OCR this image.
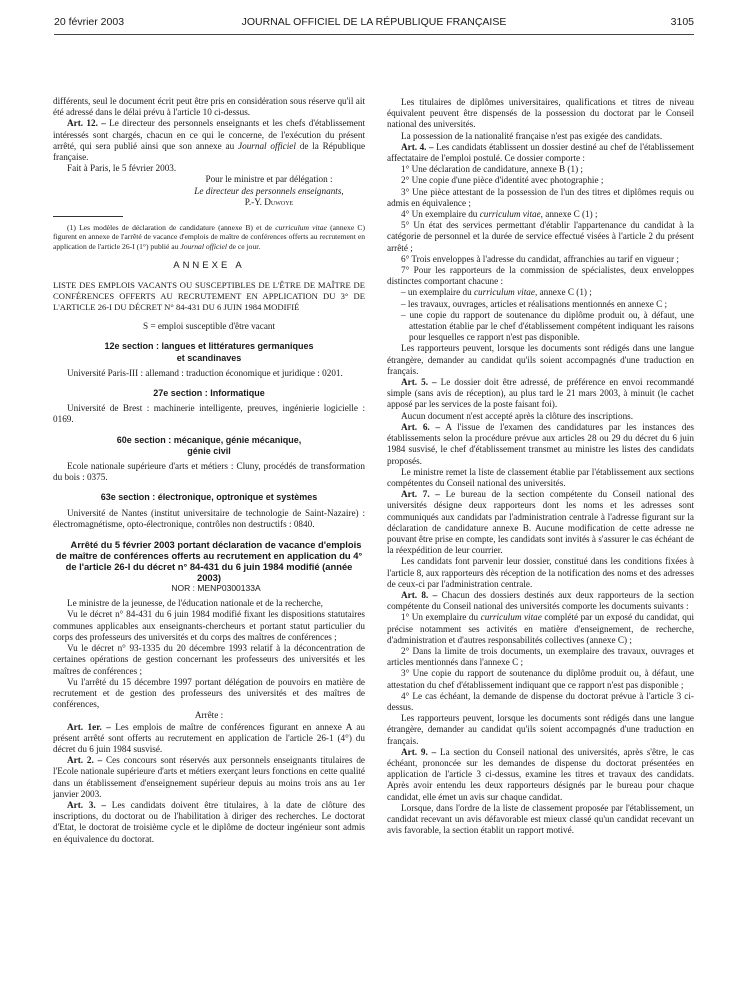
20 février 2003	JOURNAL OFFICIEL DE LA RÉPUBLIQUE FRANÇAISE	3105

différents, seul le document écrit peut être pris en considération sous réserve qu'il ait été adressé dans le délai prévu à l'article 10 ci-dessus.

Art. 12. – Le directeur des personnels enseignants et les chefs d'établissement intéressés sont chargés, chacun en ce qui le concerne, de l'exécution du présent arrêté, qui sera publié ainsi que son annexe au Journal officiel de la République française.

Fait à Paris, le 5 février 2003.

Pour le ministre et par délégation :
Le directeur des personnels enseignants,
P.-Y. Duwoye

(1) Les modèles de déclaration de candidature (annexe B) et de curriculum vitae (annexe C) figurent en annexe de l'arrêté de vacance d'emplois de maître de conférences offerts au recrutement en application de l'article 26-I (1°) publié au Journal officiel de ce jour.

ANNEXE A

LISTE DES EMPLOIS VACANTS OU SUSCEPTIBLES DE L'ÊTRE DE MAÎTRE DE CONFÉRENCES OFFERTS AU RECRUTEMENT EN APPLICATION DU 3° DE L'ARTICLE 26-I DU DÉCRET N° 84-431 DU 6 JUIN 1984 MODIFIÉ

S = emploi susceptible d'être vacant

12e section : langues et littératures germaniques

et scandinaves

Université Paris-III : allemand : traduction économique et juridique : 0201.

27e section : Informatique

Université de Brest : machinerie intelligente, preuves, ingénierie logicielle : 0169.

60e section : mécanique, génie mécanique,

génie civil

Ecole nationale supérieure d'arts et métiers : Cluny, procédés de transformation du bois : 0375.

63e section : électronique, optronique et systèmes

Université de Nantes (institut universitaire de technologie de Saint-Nazaire) : électromagnétisme, opto-électronique, contrôles non destructifs : 0840.

Arrêté du 5 février 2003 portant déclaration de vacance d'emplois de maître de conférences offerts au recrutement en application du 4° de l'article 26-I du décret n° 84-431 du 6 juin 1984 modifié (année 2003)

NOR : MENP0300133A

Le ministre de la jeunesse, de l'éducation nationale et de la recherche,

Vu le décret n° 84-431 du 6 juin 1984 modifié fixant les dispositions statutaires communes applicables aux enseignants-chercheurs et portant statut particulier du corps des professeurs des universités et du corps des maîtres de conférences ;

Vu le décret n° 93-1335 du 20 décembre 1993 relatif à la déconcentration de certaines opérations de gestion concernant les professeurs des universités et les maîtres de conférences ;

Vu l'arrêté du 15 décembre 1997 portant délégation de pouvoirs en matière de recrutement et de gestion des professeurs des universités et des maîtres de conférences,

Arrête :

Art. 1er. – Les emplois de maître de conférences figurant en annexe A au présent arrêté sont offerts au recrutement en application de l'article 26-1 (4°) du décret du 6 juin 1984 susvisé.

Art. 2. – Ces concours sont réservés aux personnels enseignants titulaires de l'Ecole nationale supérieure d'arts et métiers exerçant leurs fonctions en cette qualité dans un établissement d'enseignement supérieur depuis au moins trois ans au 1er janvier 2003.

Art. 3. – Les candidats doivent être titulaires, à la date de clôture des inscriptions, du doctorat ou de l'habilitation à diriger des recherches. Le doctorat d'Etat, le doctorat de troisième cycle et le diplôme de docteur ingénieur sont admis en équivalence du doctorat.

Les titulaires de diplômes universitaires, qualifications et titres de niveau équivalent peuvent être dispensés de la possession du doctorat par le Conseil national des universités.

La possession de la nationalité française n'est pas exigée des candidats.

Art. 4. – Les candidats établissent un dossier destiné au chef de l'établissement affectataire de l'emploi postulé. Ce dossier comporte :

1° Une déclaration de candidature, annexe B (1) ;

2° Une copie d'une pièce d'identité avec photographie ;

3° Une pièce attestant de la possession de l'un des titres et diplômes requis ou admis en équivalence ;

4° Un exemplaire du curriculum vitae, annexe C (1) ;

5° Un état des services permettant d'établir l'appartenance du candidat à la catégorie de personnel et la durée de service effectué visées à l'article 2 du présent arrêté ;

6° Trois enveloppes à l'adresse du candidat, affranchies au tarif en vigueur ;

7° Pour les rapporteurs de la commission de spécialistes, deux enveloppes distinctes comportant chacune :

– un exemplaire du curriculum vitae, annexe C (1) ;
– les travaux, ouvrages, articles et réalisations mentionnés en annexe C ;
– une copie du rapport de soutenance du diplôme produit ou, à défaut, une attestation établie par le chef d'établissement compétent indiquant les raisons pour lesquelles ce rapport n'est pas disponible.

Les rapporteurs peuvent, lorsque les documents sont rédigés dans une langue étrangère, demander au candidat qu'ils soient accompagnés d'une traduction en français.

Art. 5. – Le dossier doit être adressé, de préférence en envoi recommandé simple (sans avis de réception), au plus tard le 21 mars 2003, à minuit (le cachet apposé par les services de la poste faisant foi).

Aucun document n'est accepté après la clôture des inscriptions.

Art. 6. – A l'issue de l'examen des candidatures par les instances des établissements selon la procédure prévue aux articles 28 ou 29 du décret du 6 juin 1984 susvisé, le chef d'établissement transmet au ministre les listes des candidats proposés.

Le ministre remet la liste de classement établie par l'établissement aux sections compétentes du Conseil national des universités.

Art. 7. – Le bureau de la section compétente du Conseil national des universités désigne deux rapporteurs dont les noms et les adresses sont communiqués aux candidats par l'administration centrale à l'adresse figurant sur la déclaration de candidature annexe B. Aucune modification de cette adresse ne pouvant être prise en compte, les candidats sont invités à s'assurer le cas échéant de la réexpédition de leur courrier.

Les candidats font parvenir leur dossier, constitué dans les conditions fixées à l'article 8, aux rapporteurs dès réception de la notification des noms et des adresses de ceux-ci par l'administration centrale.

Art. 8. – Chacun des dossiers destinés aux deux rapporteurs de la section compétente du Conseil national des universités comporte les documents suivants :

1° Un exemplaire du curriculum vitae complété par un exposé du candidat, qui précise notamment ses activités en matière d'enseignement, de recherche, d'administration et d'autres responsabilités collectives (annexe C) ;

2° Dans la limite de trois documents, un exemplaire des travaux, ouvrages et articles mentionnés dans l'annexe C ;

3° Une copie du rapport de soutenance du diplôme produit ou, à défaut, une attestation du chef d'établissement indiquant que ce rapport n'est pas disponible ;

4° Le cas échéant, la demande de dispense du doctorat prévue à l'article 3 ci-dessus.

Les rapporteurs peuvent, lorsque les documents sont rédigés dans une langue étrangère, demander au candidat qu'ils soient accompagnés d'une traduction en français.

Art. 9. – La section du Conseil national des universités, après s'être, le cas échéant, prononcée sur les demandes de dispense du doctorat présentées en application de l'article 3 ci-dessus, examine les titres et travaux des candidats. Après avoir entendu les deux rapporteurs désignés par le bureau pour chaque candidat, elle émet un avis sur chaque candidat.

Lorsque, dans l'ordre de la liste de classement proposée par l'établissement, un candidat recevant un avis défavorable est mieux classé qu'un candidat recevant un avis favorable, la section établit un rapport motivé.
